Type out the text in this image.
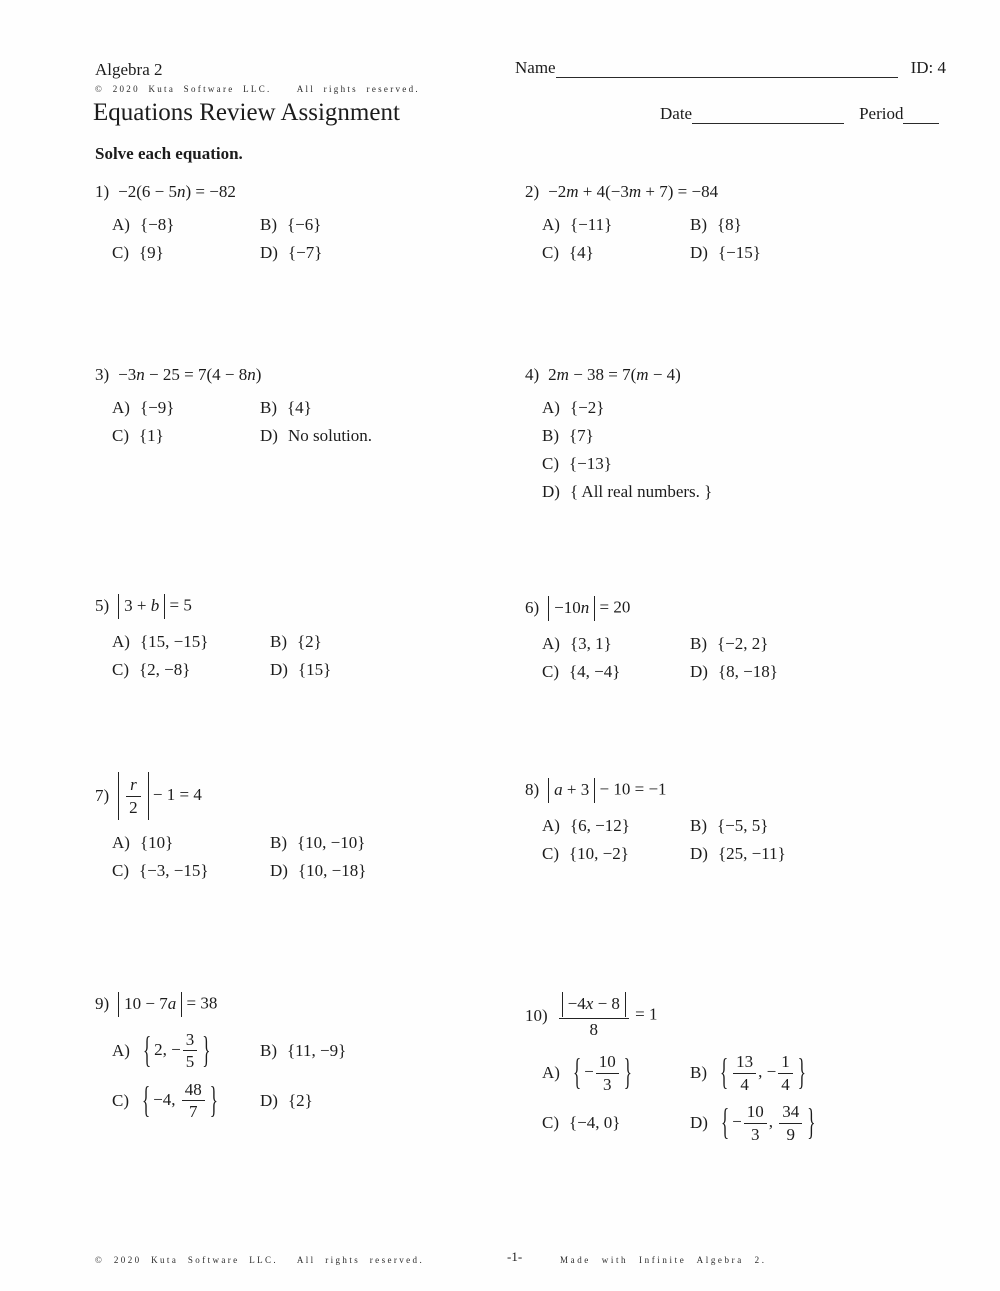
Algebra 2
© 2020 Kuta Software LLC.   All rights reserved.
Equations Review Assignment
Name	ID: 4
Date	Period
Solve each equation.
1) −2(6 − 5n) = −82
A) {−8}	B) {−6}
C) {9}	D) {−7}
2) −2m + 4(−3m + 7) = −84
A) {−11}	B) {8}
C) {4}	D) {−15}
3) −3n − 25 = 7(4 − 8n)
A) {−9}	B) {4}
C) {1}	D) No solution.
4) 2m − 38 = 7(m − 4)
A) {−2}
B) {7}
C) {−13}
D) { All real numbers. }
5) 3 + b = 5
A) {15, −15}	B) {2}
C) {2, −8}	D) {15}
6) −10n = 20
A) {3, 1}	B) {−2, 2}
C) {4, −4}	D) {8, −18}
$7) \frac{r}{2} - 1 = 4$
A) {10}	B) {10, −10}
C) {−3, −15}	D) {10, −18}
8) a + 3 − 10 = −1
A) {6, −12}	B) {−5, 5}
C) {10, −2}	D) {25, −11}
9) 10 − 7a = 38
A) { 2, − $\frac{3}{5}$ }	B) {11, −9}
C) { −4, $\frac{48}{7}$ } D) {2}
$10) \frac{-4x - 8}{8} = 1$
A) { − $\frac{10}{3}$ }	B) { $\frac{13}{4}$ , − $\frac{1}{4}$ }
C) {−4, 0}	D) { − $\frac{10}{3}$ , $\frac{34}{9}$ }
© 2020 Kuta Software LLC.  All rights reserved.	-1-	Made with Infinite Algebra 2.
